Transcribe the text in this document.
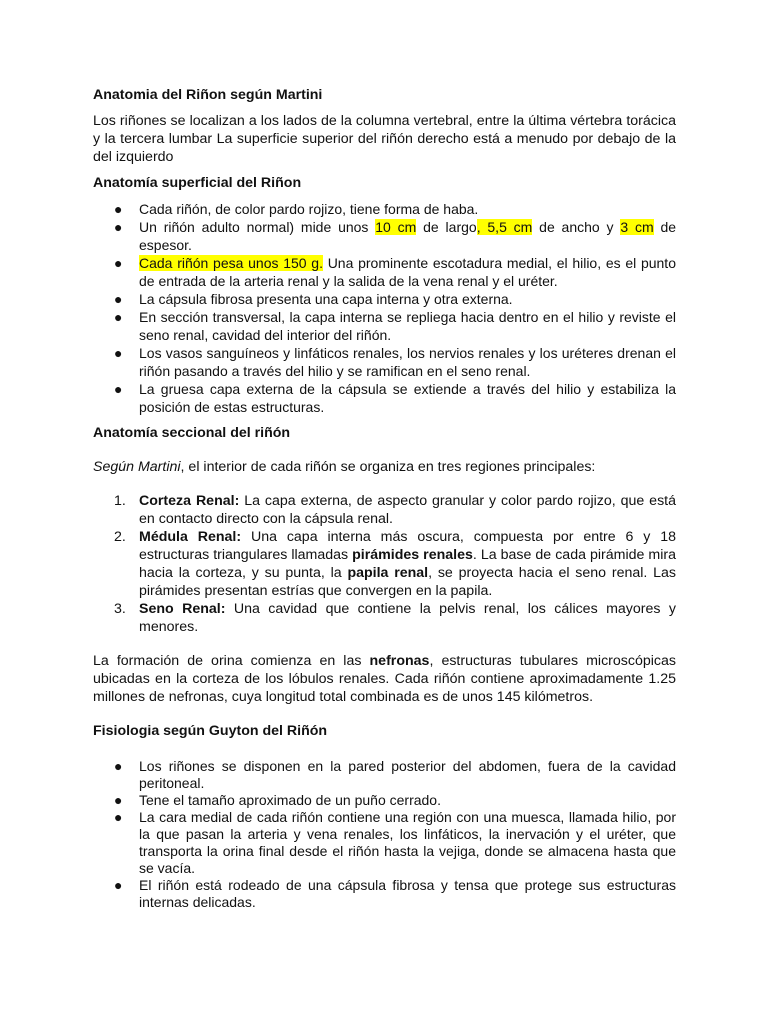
Anatomia del Riñon según Martini

Los riñones se localizan a los lados de la columna vertebral, entre la última vértebra torácica y la tercera lumbar La superficie superior del riñón derecho está a menudo por debajo de la del izquierdo

Anatomía superficial del Riñon
● Cada riñón, de color pardo rojizo, tiene forma de haba.
● Un riñón adulto normal) mide unos 10 cm de largo, 5,5 cm de ancho y 3 cm de espesor.
● Cada riñón pesa unos 150 g. Una prominente escotadura medial, el hilio, es el punto de entrada de la arteria renal y la salida de la vena renal y el uréter.
● La cápsula fibrosa presenta una capa interna y otra externa.
● En sección transversal, la capa interna se repliega hacia dentro en el hilio y reviste el seno renal, cavidad del interior del riñón.
● Los vasos sanguíneos y linfáticos renales, los nervios renales y los uréteres drenan el riñón pasando a través del hilio y se ramifican en el seno renal.
● La gruesa capa externa de la cápsula se extiende a través del hilio y estabiliza la posición de estas estructuras.
Anatomía seccional del riñón

Según Martini, el interior de cada riñón se organiza en tres regiones principales:

1. Corteza Renal: La capa externa, de aspecto granular y color pardo rojizo, que está en contacto directo con la cápsula renal.
2. Médula Renal: Una capa interna más oscura, compuesta por entre 6 y 18 estructuras triangulares llamadas pirámides renales. La base de cada pirámide mira hacia la corteza, y su punta, la papila renal, se proyecta hacia el seno renal. Las pirámides presentan estrías que convergen en la papila.
3. Seno Renal: Una cavidad que contiene la pelvis renal, los cálices mayores y menores.

La formación de orina comienza en las nefronas, estructuras tubulares microscópicas ubicadas en la corteza de los lóbulos renales. Cada riñón contiene aproximadamente 1.25 millones de nefronas, cuya longitud total combinada es de unos 145 kilómetros.

Fisiologia según Guyton del Riñón
● Los riñones se disponen en la pared posterior del abdomen, fuera de la cavidad peritoneal.
● Tene el tamaño aproximado de un puño cerrado.
● La cara medial de cada riñón contiene una región con una muesca, llamada hilio, por la que pasan la arteria y vena renales, los linfáticos, la inervación y el uréter, que transporta la orina final desde el riñón hasta la vejiga, donde se almacena hasta que se vacía.
● El riñón está rodeado de una cápsula fibrosa y tensa que protege sus estructuras internas delicadas.
